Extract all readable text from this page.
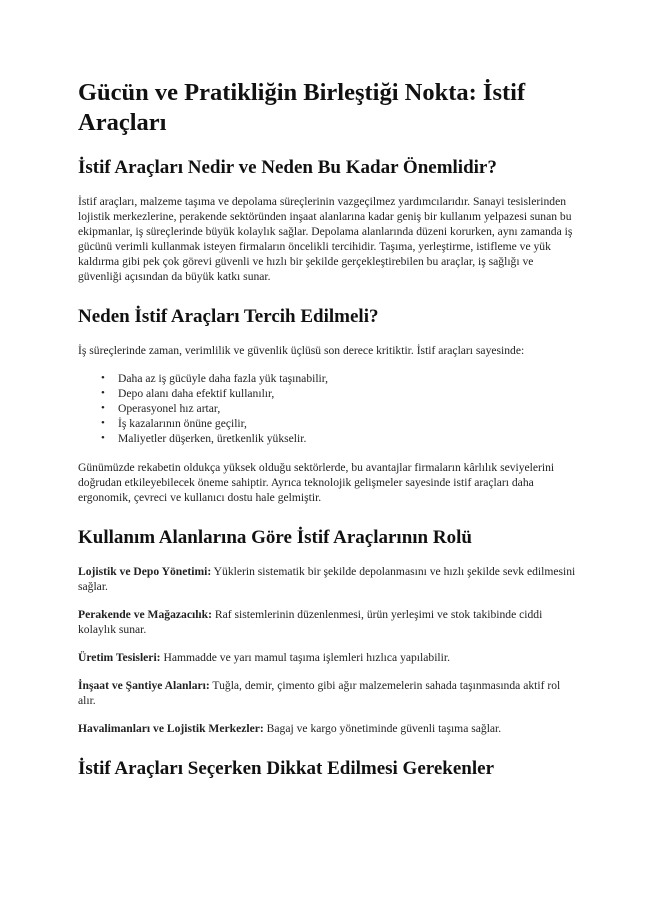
Gücün ve Pratikliğin Birleştiği Nokta: İstif Araçları
İstif Araçları Nedir ve Neden Bu Kadar Önemlidir?

İstif araçları, malzeme taşıma ve depolama süreçlerinin vazgeçilmez yardımcılarıdır. Sanayi tesislerinden lojistik merkezlerine, perakende sektöründen inşaat alanlarına kadar geniş bir kullanım yelpazesi sunan bu ekipmanlar, iş süreçlerinde büyük kolaylık sağlar. Depolama alanlarında düzeni korurken, aynı zamanda iş gücünü verimli kullanmak isteyen firmaların öncelikli tercihidir. Taşıma, yerleştirme, istifleme ve yük kaldırma gibi pek çok görevi güvenli ve hızlı bir şekilde gerçekleştirebilen bu araçlar, iş sağlığı ve güvenliği açısından da büyük katkı sunar.

Neden İstif Araçları Tercih Edilmeli?

İş süreçlerinde zaman, verimlilik ve güvenlik üçlüsü son derece kritiktir. İstif araçları sayesinde:

• Daha az iş gücüyle daha fazla yük taşınabilir,
• Depo alanı daha efektif kullanılır,
• Operasyonel hız artar,
• İş kazalarının önüne geçilir,
• Maliyetler düşerken, üretkenlik yükselir.

Günümüzde rekabetin oldukça yüksek olduğu sektörlerde, bu avantajlar firmaların kârlılık seviyelerini doğrudan etkileyebilecek öneme sahiptir. Ayrıca teknolojik gelişmeler sayesinde istif araçları daha ergonomik, çevreci ve kullanıcı dostu hale gelmiştir.

Kullanım Alanlarına Göre İstif Araçlarının Rolü

Lojistik ve Depo Yönetimi: Yüklerin sistematik bir şekilde depolanmasını ve hızlı şekilde sevk edilmesini sağlar.

Perakende ve Mağazacılık: Raf sistemlerinin düzenlenmesi, ürün yerleşimi ve stok takibinde ciddi kolaylık sunar.

Üretim Tesisleri: Hammadde ve yarı mamul taşıma işlemleri hızlıca yapılabilir.

İnşaat ve Şantiye Alanları: Tuğla, demir, çimento gibi ağır malzemelerin sahada taşınmasında aktif rol alır.

Havalimanları ve Lojistik Merkezler: Bagaj ve kargo yönetiminde güvenli taşıma sağlar.

İstif Araçları Seçerken Dikkat Edilmesi Gerekenler
